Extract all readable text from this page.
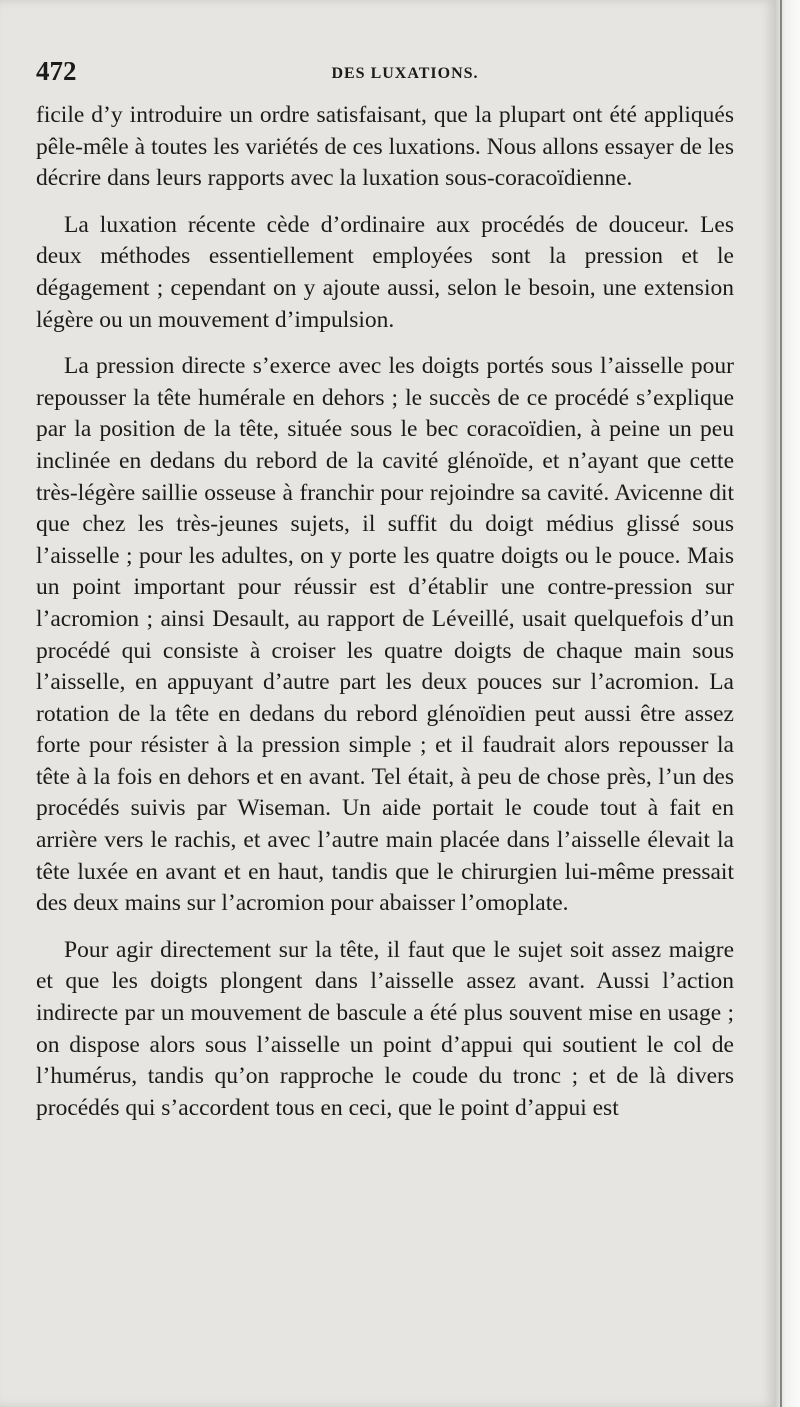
472	DES LUXATIONS.

ficile d’y introduire un ordre satisfaisant, que la plupart ont été appliqués pêle-mêle à toutes les variétés de ces luxations. Nous allons essayer de les décrire dans leurs rapports avec la luxation sous-coracoïdienne.

La luxation récente cède d’ordinaire aux procédés de douceur. Les deux méthodes essentiellement employées sont la pression et le dégagement ; cependant on y ajoute aussi, selon le besoin, une extension légère ou un mouvement d’impulsion.

La pression directe s’exerce avec les doigts portés sous l’aisselle pour repousser la tête humérale en dehors ; le succès de ce procédé s’explique par la position de la tête, située sous le bec coracoïdien, à peine un peu inclinée en dedans du rebord de la cavité glénoïde, et n’ayant que cette très-légère saillie osseuse à franchir pour rejoindre sa cavité. Avicenne dit que chez les très-jeunes sujets, il suffit du doigt médius glissé sous l’aisselle ; pour les adultes, on y porte les quatre doigts ou le pouce. Mais un point important pour réussir est d’établir une contre-pression sur l’acromion ; ainsi Desault, au rapport de Léveillé, usait quelquefois d’un procédé qui consiste à croiser les quatre doigts de chaque main sous l’aisselle, en appuyant d’autre part les deux pouces sur l’acromion. La rotation de la tête en dedans du rebord glénoïdien peut aussi être assez forte pour résister à la pression simple ; et il faudrait alors repousser la tête à la fois en dehors et en avant. Tel était, à peu de chose près, l’un des procédés suivis par Wiseman. Un aide portait le coude tout à fait en arrière vers le rachis, et avec l’autre main placée dans l’aisselle élevait la tête luxée en avant et en haut, tandis que le chirurgien lui-même pressait des deux mains sur l’acromion pour abaisser l’omoplate.

Pour agir directement sur la tête, il faut que le sujet soit assez maigre et que les doigts plongent dans l’aisselle assez avant. Aussi l’action indirecte par un mouvement de bascule a été plus souvent mise en usage ; on dispose alors sous l’aisselle un point d’appui qui soutient le col de l’humérus, tandis qu’on rapproche le coude du tronc ; et de là divers procédés qui s’accordent tous en ceci, que le point d’appui est
